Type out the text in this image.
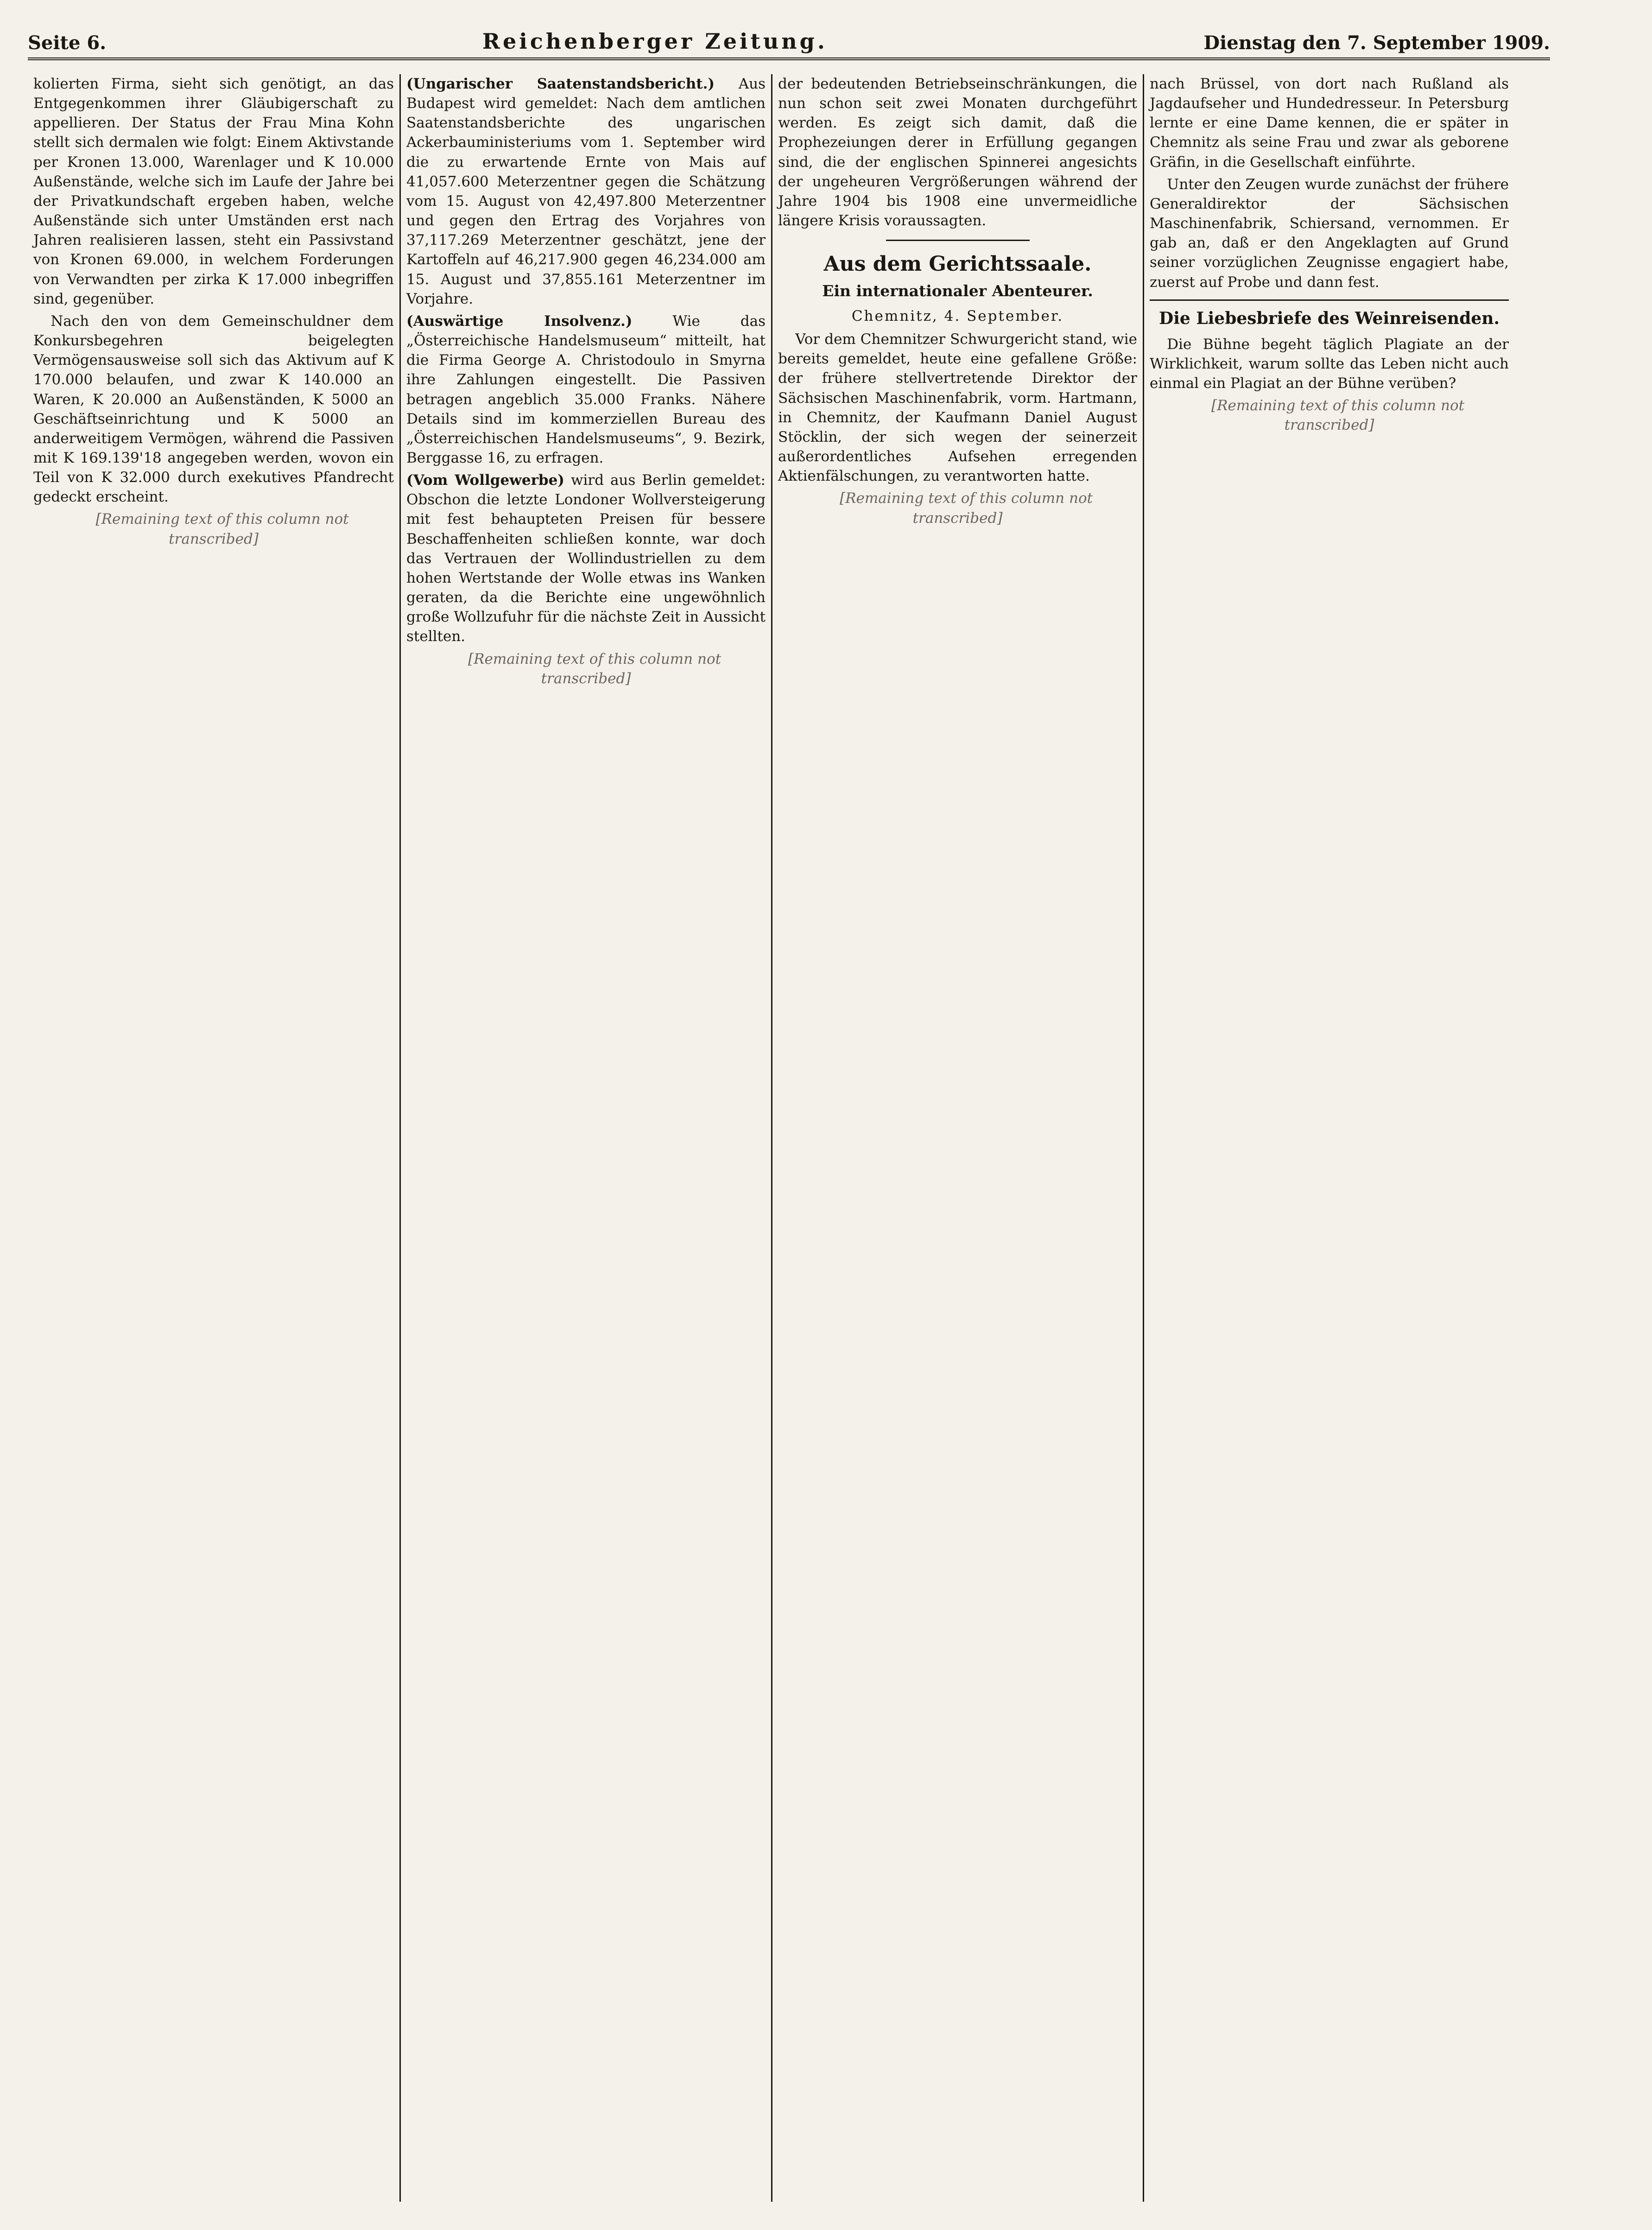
Seite 6.	Reichenberger Zeitung.	Dienstag den 7. September 1909.

kolierten Firma, sieht sich genötigt, an das Entgegenkommen ihrer Gläubigerschaft zu appellieren. Der Status der Frau Mina Kohn stellt sich dermalen wie folgt: Einem Aktivstande per Kronen 13.000, Warenlager und K 10.000 Außenstände, welche sich im Laufe der Jahre bei der Privatkundschaft ergeben haben, welche Außenstände sich unter Umständen erst nach Jahren realisieren lassen, steht ein Passivstand von Kronen 69.000, in welchem Forderungen von Verwandten per zirka K 17.000 inbegriffen sind, gegenüber.

Nach den von dem Gemeinschuldner dem Konkursbegehren beigelegten Vermögensausweise soll sich das Aktivum auf K 170.000 belaufen, und zwar K 140.000 an Waren, K 20.000 an Außenständen, K 5000 an Geschäftseinrichtung und K 5000 an anderweitigem Vermögen, während die Passiven mit K 169.139'18 angegeben werden, wovon ein Teil von K 32.000 durch exekutives Pfandrecht gedeckt erscheint.

[Remaining text of this column not transcribed]

(Ungarischer Saatenstandsbericht.) Aus Budapest wird gemeldet: Nach dem amtlichen Saatenstandsberichte des ungarischen Ackerbauministeriums vom 1. September wird die zu erwartende Ernte von Mais auf 41,057.600 Meterzentner gegen die Schätzung vom 15. August von 42,497.800 Meterzentner und gegen den Ertrag des Vorjahres von 37,117.269 Meterzentner geschätzt, jene der Kartoffeln auf 46,217.900 gegen 46,234.000 am 15. August und 37,855.161 Meterzentner im Vorjahre.

(Auswärtige Insolvenz.)	Wie das „Österreichische Handelsmuseum“ mitteilt, hat die Firma George A. Christodoulo in Smyrna ihre Zahlungen eingestellt. Die Passiven betragen angeblich 35.000 Franks. Nähere Details sind im kommerziellen Bureau des „Österreichischen Handelsmuseums“, 9. Bezirk, Berggasse 16, zu erfragen.

(Vom Wollgewerbe) wird aus Berlin gemeldet: Obschon die letzte Londoner Wollversteigerung mit fest behaupteten Preisen für bessere Beschaffenheiten schließen konnte, war doch das Vertrauen der Wollindustriellen zu dem hohen Wertstande der Wolle etwas ins Wanken geraten, da die Berichte eine ungewöhnlich große Wollzufuhr für die nächste Zeit in Aussicht stellten.

[Remaining text of this column not transcribed]

der bedeutenden Betriebseinschränkungen, die nun schon seit zwei Monaten durchgeführt werden. Es zeigt sich damit, daß die Prophezeiungen derer in Erfüllung gegangen sind, die der englischen Spinnerei angesichts der ungeheuren Vergrößerungen während der Jahre 1904 bis 1908 eine unvermeidliche längere Krisis voraussagten.

Aus dem Gerichtssaale.
Ein internationaler Abenteurer.
Chemnitz, 4. September.

Vor dem Chemnitzer Schwurgericht stand, wie bereits gemeldet, heute eine gefallene Größe: der frühere stellvertretende Direktor der Sächsischen Maschinenfabrik, vorm. Hartmann, in Chemnitz, der Kaufmann Daniel August Stöcklin, der sich wegen der seinerzeit außerordentliches Aufsehen erregenden Aktienfälschungen, zu verantworten hatte.

[Remaining text of this column not transcribed]

nach Brüssel, von dort nach Rußland als Jagdaufseher und Hundedresseur. In Petersburg lernte er eine Dame kennen, die er später in Chemnitz als seine Frau und zwar als geborene Gräfin, in die Gesellschaft einführte.

Unter den Zeugen wurde zunächst der frühere Generaldirektor der Sächsischen Maschinenfabrik, Schiersand, vernommen. Er gab an, daß er den Angeklagten auf Grund seiner vorzüglichen Zeugnisse engagiert habe, zuerst auf Probe und dann fest.

Die Liebesbriefe des Weinreisenden.

Die Bühne begeht täglich Plagiate an der Wirklichkeit, warum sollte das Leben nicht auch einmal ein Plagiat an der Bühne verüben?

[Remaining text of this column not transcribed]
